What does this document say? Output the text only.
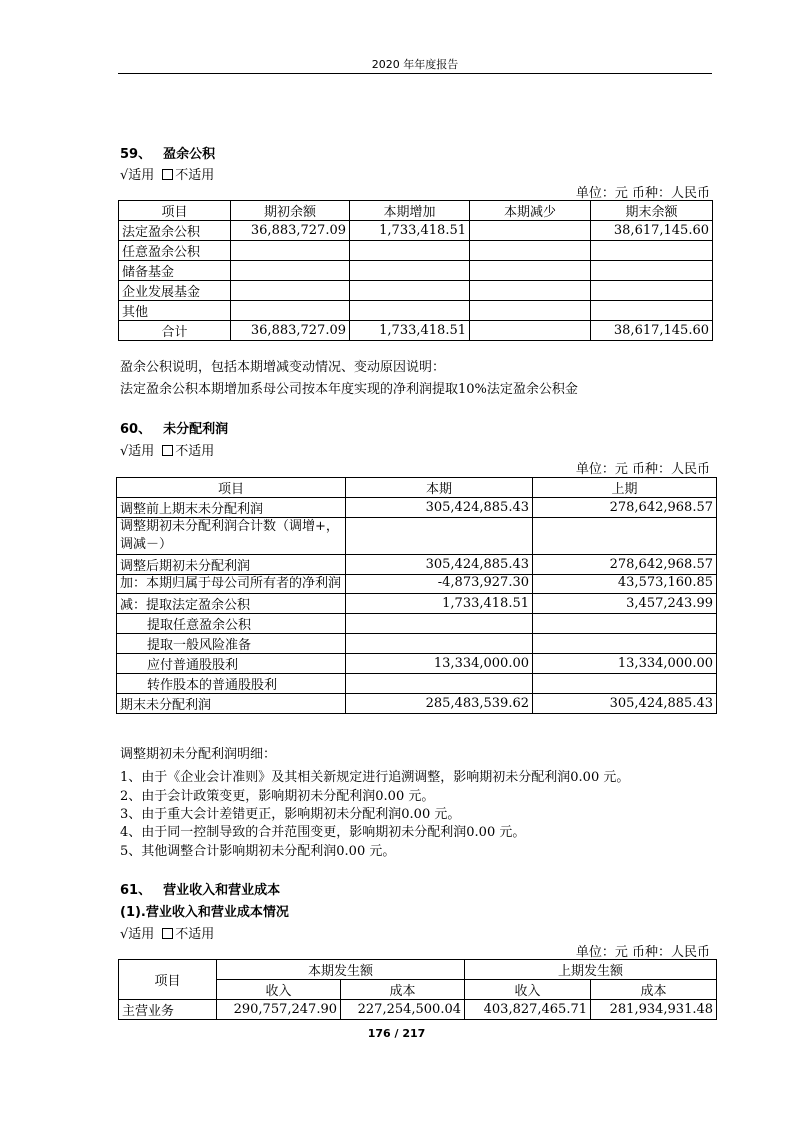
2020 年年度报告
59、 盈余公积
√适用 不适用
单位：元 币种：人民币
项目	期初余额	本期增加	本期减少	期末余额
法定盈余公积	36,883,727.09	1,733,418.51		38,617,145.60
任意盈余公积				
储备基金				
企业发展基金				
其他				
合计	36,883,727.09	1,733,418.51		38,617,145.60
盈余公积说明，包括本期增减变动情况、变动原因说明：
法定盈余公积本期增加系母公司按本年度实现的净利润提取10%法定盈余公积金
60、 未分配利润
√适用 不适用
单位：元 币种：人民币
项目	本期	上期
调整前上期末未分配利润	305,424,885.43	278,642,968.57
调整期初未分配利润合计数（调增+，调减－）		
调整后期初未分配利润	305,424,885.43	278,642,968.57
加：本期归属于母公司所有者的净利润	-4,873,927.30	43,573,160.85
减：提取法定盈余公积	1,733,418.51	3,457,243.99
提取任意盈余公积		
提取一般风险准备		
应付普通股股利	13,334,000.00	13,334,000.00
转作股本的普通股股利		
期末未分配利润	285,483,539.62	305,424,885.43
调整期初未分配利润明细：
1、由于《企业会计准则》及其相关新规定进行追溯调整，影响期初未分配利润0.00 元。
2、由于会计政策变更，影响期初未分配利润0.00 元。
3、由于重大会计差错更正，影响期初未分配利润0.00 元。
4、由于同一控制导致的合并范围变更，影响期初未分配利润0.00 元。
5、其他调整合计影响期初未分配利润0.00 元。
61、 营业收入和营业成本
(1).营业收入和营业成本情况
√适用 不适用
单位：元 币种：人民币
项目	本期发生额		上期发生额	
	收入	成本	收入	成本
主营业务	290,757,247.90	227,254,500.04	403,827,465.71	281,934,931.48
176 / 217
